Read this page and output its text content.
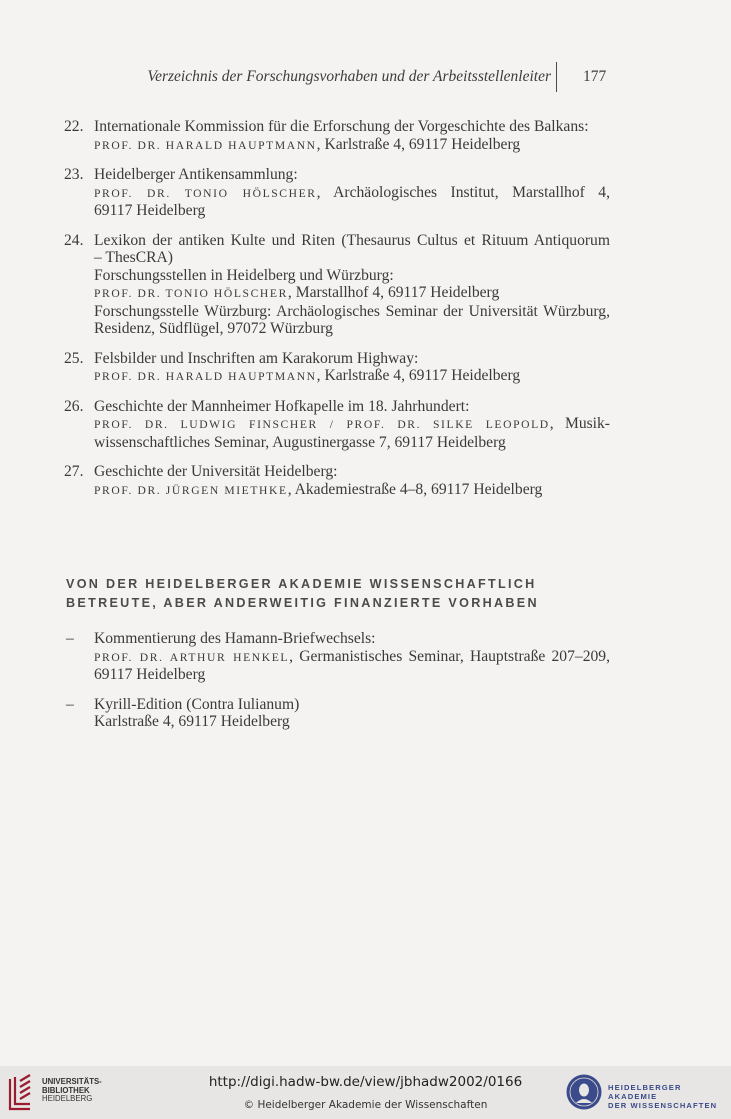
Verzeichnis der Forschungsvorhaben und der Arbeitsstellenleiter 177
22. Internationale Kommission für die Erforschung der Vorgeschichte des Balkans:
PROF. DR. HARALD HAUPTMANN, Karlstraße 4, 69117 Heidelberg
23. Heidelberger Antikensammlung:
PROF. DR. TONIO HÖLSCHER, Archäologisches Institut, Marstallhof 4,
69117 Heidelberg
24. Lexikon der antiken Kulte und Riten (Thesaurus Cultus et Rituum Antiquorum
– ThesCRA)
Forschungsstellen in Heidelberg und Würzburg:
PROF. DR. TONIO HÖLSCHER, Marstallhof 4, 69117 Heidelberg
Forschungsstelle Würzburg: Archäologisches Seminar der Universität Würzburg,
Residenz, Südflügel, 97072 Würzburg
25. Felsbilder und Inschriften am Karakorum Highway:
PROF. DR. HARALD HAUPTMANN, Karlstraße 4, 69117 Heidelberg
26. Geschichte der Mannheimer Hofkapelle im 18. Jahrhundert:
PROF. DR. LUDWIG FINSCHER / PROF. DR. SILKE LEOPOLD, Musik-
wissenschaftliches Seminar, Augustinergasse 7, 69117 Heidelberg
27. Geschichte der Universität Heidelberg:
PROF. DR. JÜRGEN MIETHKE, Akademiestraße 4–8, 69117 Heidelberg
VON DER HEIDELBERGER AKADEMIE WISSENSCHAFTLICH BETREUTE, ABER ANDERWEITIG FINANZIERTE VORHABEN
– Kommentierung des Hamann-Briefwechsels:
PROF. DR. ARTHUR HENKEL, Germanistisches Seminar, Hauptstraße 207–209,
69117 Heidelberg
– Kyrill-Edition (Contra Iulianum)
Karlstraße 4, 69117 Heidelberg
UNIVERSITÄTS-
BIBLIOTHEK
HEIDELBERG
http://digi.hadw-bw.de/view/jbhadw2002/0166
© Heidelberger Akademie der Wissenschaften
HEIDELBERGER AKADEMIE
DER WISSENSCHAFTEN
